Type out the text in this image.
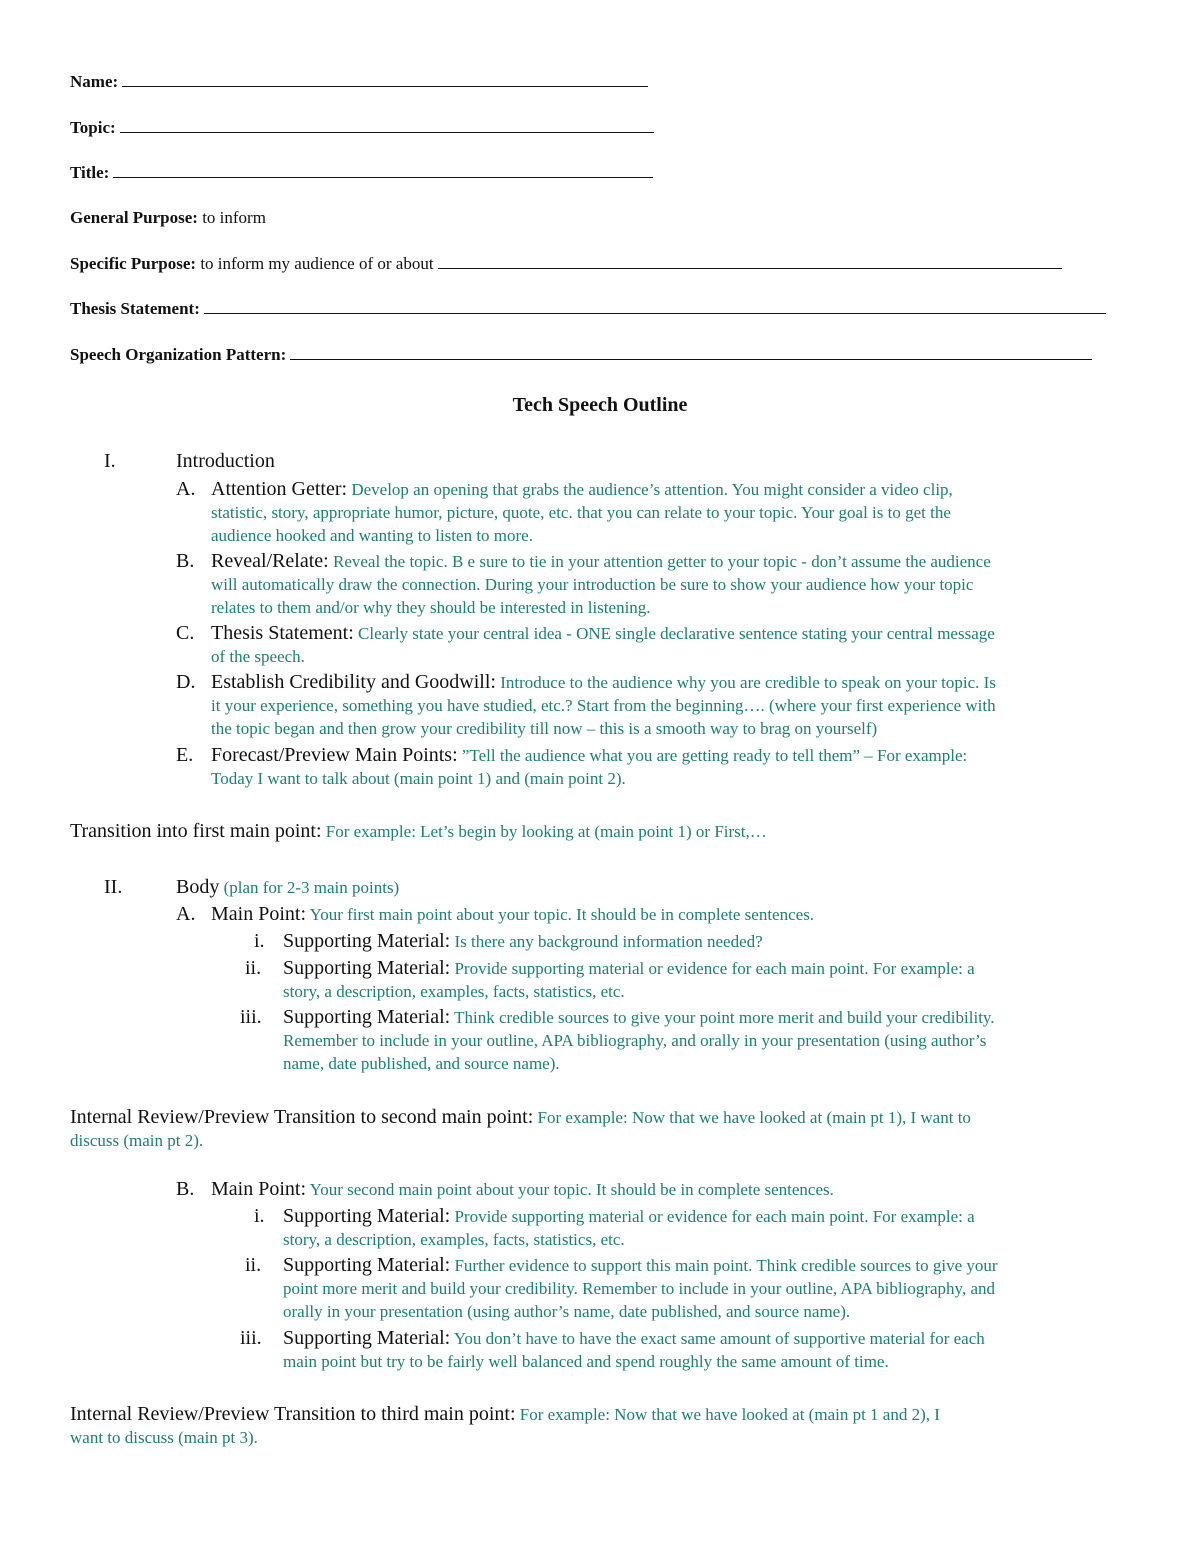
Name:
Topic:
Title:
General Purpose: to inform
Specific Purpose: to inform my audience of or about
Thesis Statement:
Speech Organization Pattern:
Tech Speech Outline
I.	Introduction
A. Attention Getter: Develop an opening that grabs the audience’s attention. You might consider a video clip,
statistic, story, appropriate humor, picture, quote, etc. that you can relate to your topic. Your goal is to get the
audience hooked and wanting to listen to more.
B. Reveal/Relate: Reveal the topic. B e sure to tie in your attention getter to your topic - don’t assume the audience
will automatically draw the connection. During your introduction be sure to show your audience how your topic
relates to them and/or why they should be interested in listening.
C. Thesis Statement: Clearly state your central idea - ONE single declarative sentence stating your central message
of the speech.
D. Establish Credibility and Goodwill: Introduce to the audience why you are credible to speak on your topic. Is
it your experience, something you have studied, etc.? Start from the beginning…. (where your first experience with
the topic began and then grow your credibility till now – this is a smooth way to brag on yourself)
E. Forecast/Preview Main Points: ”Tell the audience what you are getting ready to tell them” – For example:
Today I want to talk about (main point 1) and (main point 2).
Transition into first main point: For example: Let’s begin by looking at (main point 1) or First,…
II.	Body (plan for 2-3 main points)
A. Main Point: Your first main point about your topic. It should be in complete sentences.
i. Supporting Material: Is there any background information needed?
ii. Supporting Material: Provide supporting material or evidence for each main point. For example: a
story, a description, examples, facts, statistics, etc.
iii. Supporting Material: Think credible sources to give your point more merit and build your credibility.
Remember to include in your outline, APA bibliography, and orally in your presentation (using author’s
name, date published, and source name).
Internal Review/Preview Transition to second main point: For example: Now that we have looked at (main pt 1), I want to
discuss (main pt 2).
B. Main Point: Your second main point about your topic. It should be in complete sentences.
i. Supporting Material: Provide supporting material or evidence for each main point. For example: a
story, a description, examples, facts, statistics, etc.
ii. Supporting Material: Further evidence to support this main point. Think credible sources to give your
point more merit and build your credibility. Remember to include in your outline, APA bibliography, and
orally in your presentation (using author’s name, date published, and source name).
iii. Supporting Material: You don’t have to have the exact same amount of supportive material for each
main point but try to be fairly well balanced and spend roughly the same amount of time.
Internal Review/Preview Transition to third main point: For example: Now that we have looked at (main pt 1 and 2), I
want to discuss (main pt 3).
